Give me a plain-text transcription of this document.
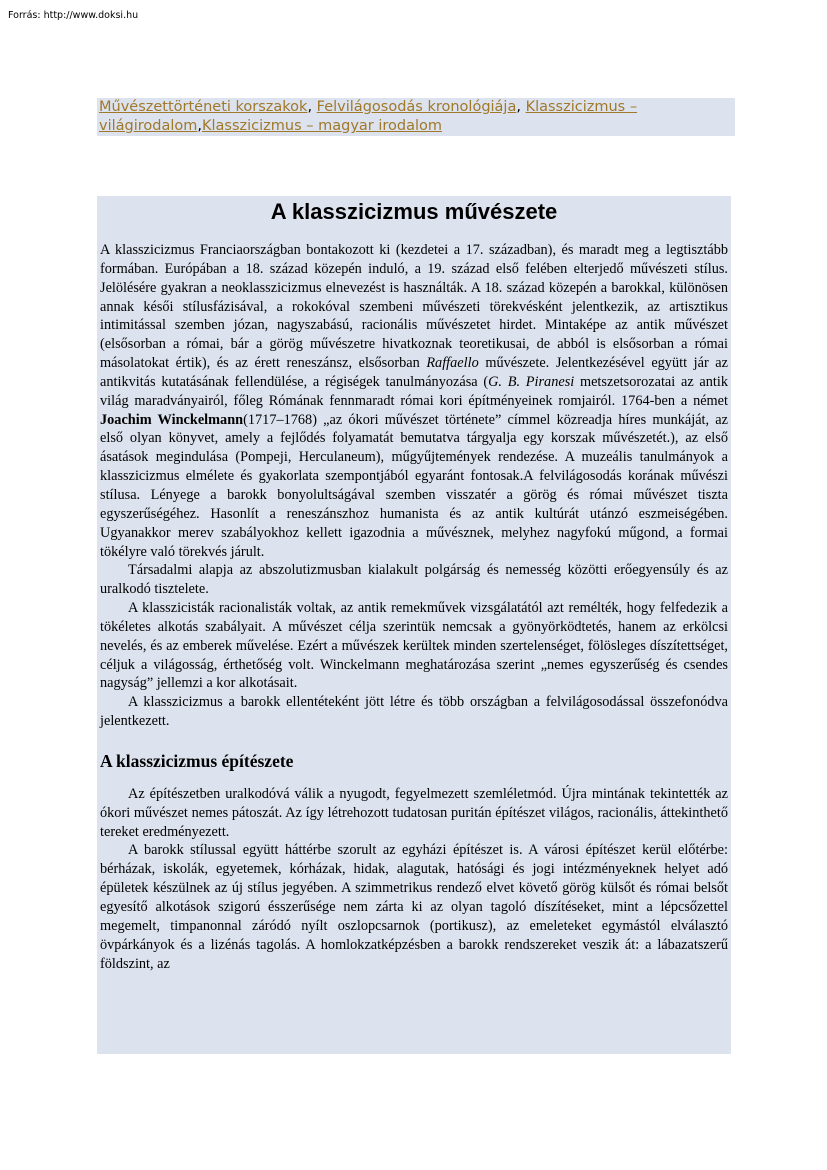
Forrás: http://www.doksi.hu
Művészettörténeti korszakok, Felvilágosodás kronológiája, Klasszicizmus – világirodalom,Klasszicizmus – magyar irodalom
A klasszicizmus művészete

A klasszicizmus Franciaországban bontakozott ki (kezdetei a 17. században), és maradt meg a legtisztább formában. Európában a 18. század közepén induló, a 19. század első felében elterjedő művészeti stílus. Jelölésére gyakran a neoklasszicizmus elnevezést is használták. A 18. század közepén a barokkal, különösen annak késői stílusfázisával, a rokokóval szembeni művészeti törekvésként jelentkezik, az artisztikus intimitással szemben józan, nagyszabású, racionális művészetet hirdet. Mintaképe az antik művészet (elsősorban a római, bár a görög művészetre hivatkoznak teoretikusai, de abból is elsősorban a római másolatokat értik), és az érett reneszánsz, elsősorban Raffaello művészete. Jelentkezésével együtt jár az antikvitás kutatásának fellendülése, a régiségek tanulmányozása (G. B. Piranesi metszetsorozatai az antik világ maradványairól, főleg Rómának fennmaradt római kori építményeinek romjairól. 1764-ben a német Joachim Winckelmann(1717–1768) „az ókori művészet története” címmel közreadja híres munkáját, az első olyan könyvet, amely a fejlődés folyamatát bemutatva tárgyalja egy korszak művészetét.), az első ásatások megindulása (Pompeji, Herculaneum), műgyűjtemények rendezése. A muzeális tanulmányok a klasszicizmus elmélete és gyakorlata szempontjából egyaránt fontosak.A felvilágosodás korának művészi stílusa. Lényege a barokk bonyolultságával szemben visszatér a görög és római művészet tiszta egyszerűségéhez. Hasonlít a reneszánszhoz humanista és az antik kultúrát utánzó eszmeiségében. Ugyanakkor merev szabályokhoz kellett igazodnia a művésznek, melyhez nagyfokú műgond, a formai tökélyre való törekvés járult.

Társadalmi alapja az abszolutizmusban kialakult polgárság és nemesség közötti erőegyensúly és az uralkodó tisztelete.

A klasszicisták racionalisták voltak, az antik remekművek vizsgálatától azt remélték, hogy felfedezik a tökéletes alkotás szabályait. A művészet célja szerintük nemcsak a gyönyörködtetés, hanem az erkölcsi nevelés, és az emberek művelése. Ezért a művészek kerültek minden szertelenséget, fölösleges díszítettséget, céljuk a világosság, érthetőség volt. Winckelmann meghatározása szerint „nemes egyszerűség és csendes nagyság” jellemzi a kor alkotásait.

A klasszicizmus a barokk ellentéteként jött létre és több országban a felvilágosodással összefonódva jelentkezett.

A klasszicizmus építészete

Az építészetben uralkodóvá válik a nyugodt, fegyelmezett szemléletmód. Újra mintának tekintették az ókori művészet nemes pátoszát. Az így létrehozott tudatosan puritán építészet világos, racionális, áttekinthető tereket eredményezett.

A barokk stílussal együtt háttérbe szorult az egyházi építészet is. A városi építészet kerül előtérbe: bérházak, iskolák, egyetemek, kórházak, hidak, alagutak, hatósági és jogi intézményeknek helyet adó épületek készülnek az új stílus jegyében. A szimmetrikus rendező elvet követő görög külsőt és római belsőt egyesítő alkotások szigorú ésszerűsége nem zárta ki az olyan tagoló díszítéseket, mint a lépcsőzettel megemelt, timpanonnal záródó nyílt oszlopcsarnok (portikusz), az emeleteket egymástól elválasztó övpárkányok és a lizénás tagolás. A homlokzatképzésben a barokk rendszereket veszik át: a lábazatszerű földszint, az
